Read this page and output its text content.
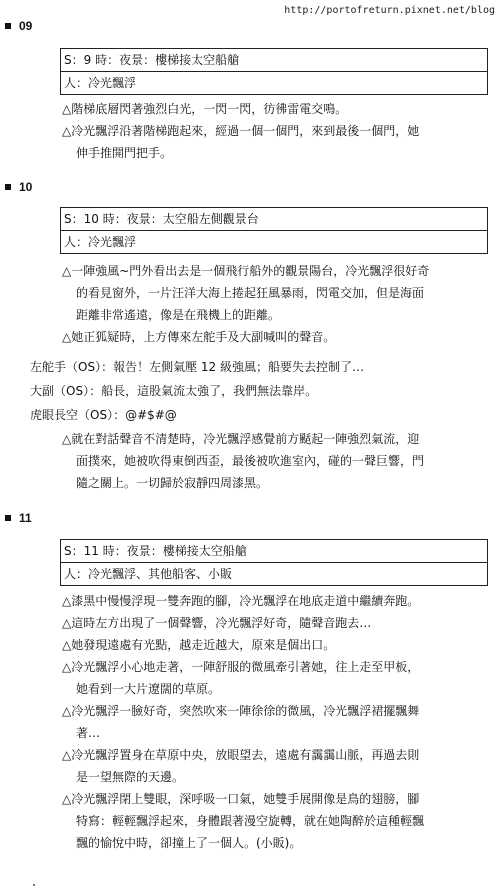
http://portofreturn.pixnet.net/blog
09
S：9 時：夜景：樓梯接太空船艙
人：冷光飄浮

△階梯底層閃著強烈白光，一閃一閃，彷彿雷電交鳴。

△冷光飄浮沿著階梯跑起來，經過一個一個門，來到最後一個門，她

伸手推開門把手。

10
S：10 時：夜景：太空船左側觀景台
人：冷光飄浮

△一陣強風~門外看出去是一個飛行船外的觀景陽台，冷光飄浮很好奇

的看見窗外，一片汪洋大海上捲起狂風暴雨，閃電交加，但是海面

距離非常遙遠，像是在飛機上的距離。

△她正狐疑時，上方傳來左舵手及大副喊叫的聲音。

左舵手（OS）：報告！左側氣壓 12 級強風；船要失去控制了…
大副（OS）：船長，這股氣流太強了，我們無法靠岸。
虎眼長空（OS）：@#$#@

△就在對話聲音不清楚時，冷光飄浮感覺前方颳起一陣強烈氣流，迎

面撲來，她被吹得東倒西歪，最後被吹進室內，碰的一聲巨響，門

隨之關上。一切歸於寂靜四周漆黑。

11
S：11 時：夜景：樓梯接太空船艙
人：冷光飄浮、其他船客、小販

△漆黑中慢慢浮現一雙奔跑的腳，冷光飄浮在地底走道中繼續奔跑。

△這時左方出現了一個聲響，冷光飄浮好奇，隨聲音跑去…

△她發現遠處有光點，越走近越大，原來是個出口。

△冷光飄浮小心地走著，一陣舒服的微風牽引著她，往上走至甲板，

她看到一大片遼闊的草原。

△冷光飄浮一臉好奇，突然吹來一陣徐徐的微風，冷光飄浮裙擺飄舞

著…

△冷光飄浮置身在草原中央，放眼望去，遠處有靄靄山脈，再過去則

是一望無際的天邊。

△冷光飄浮閉上雙眼，深呼吸一口氣，她雙手展開像是鳥的翅膀，腳

特寫：輕輕飄浮起來，身體跟著漫空旋轉，就在她陶醉於這種輕飄

飄的愉悅中時，卻撞上了一個人。(小販)。
